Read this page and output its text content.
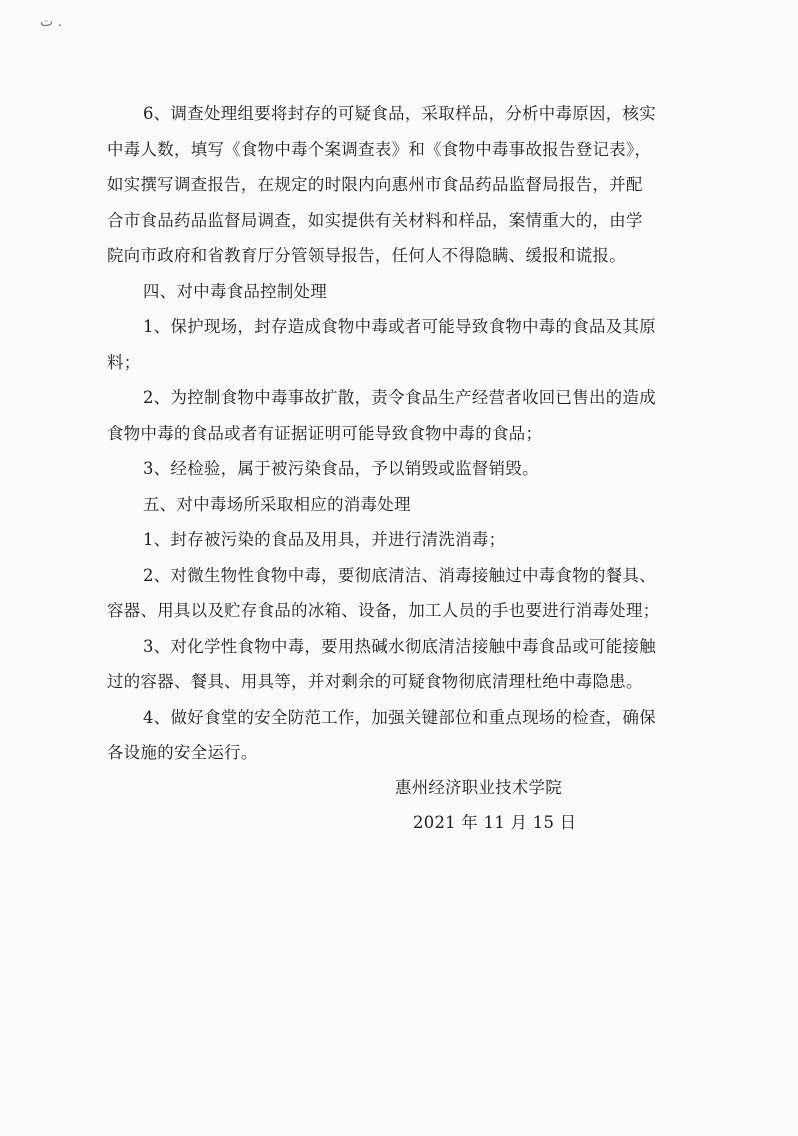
ت .
6、调查处理组要将封存的可疑食品，采取样品，分析中毒原因，核实
中毒人数，填写《食物中毒个案调查表》和《食物中毒事故报告登记表》，
如实撰写调查报告，在规定的时限内向惠州市食品药品监督局报告，并配
合市食品药品监督局调查，如实提供有关材料和样品，案情重大的，由学
院向市政府和省教育厅分管领导报告，任何人不得隐瞒、缓报和谎报。
四、对中毒食品控制处理
1、保护现场，封存造成食物中毒或者可能导致食物中毒的食品及其原
料；
2、为控制食物中毒事故扩散，责令食品生产经营者收回已售出的造成
食物中毒的食品或者有证据证明可能导致食物中毒的食品；
3、经检验，属于被污染食品，予以销毁或监督销毁。
五、对中毒场所采取相应的消毒处理
1、封存被污染的食品及用具，并进行清洗消毒；
2、对微生物性食物中毒，要彻底清洁、消毒接触过中毒食物的餐具、
容器、用具以及贮存食品的冰箱、设备，加工人员的手也要进行消毒处理；
3、对化学性食物中毒，要用热碱水彻底清洁接触中毒食品或可能接触
过的容器、餐具、用具等，并对剩余的可疑食物彻底清理杜绝中毒隐患。
4、做好食堂的安全防范工作，加强关键部位和重点现场的检查，确保
各设施的安全运行。
惠州经济职业技术学院
2021 年 11 月 15 日
